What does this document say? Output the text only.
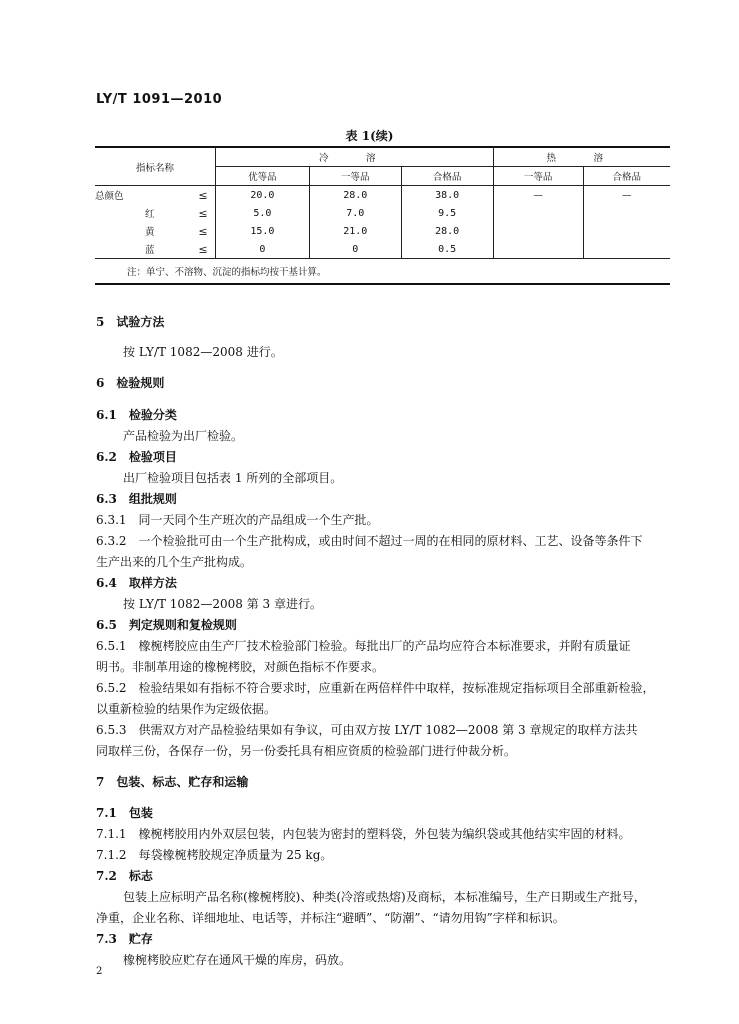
LY/T 1091—2010
表 1(续)
指标名称		冷　溶			热　溶	
		优等品	一等品	合格品	一等品	合格品
总颜色	≤	20.0	28.0	38.0	—	—
红	≤	5.0	7.0	9.5		
黄	≤	15.0	21.0	28.0		
蓝	≤	0	0	0.5		
注：单宁、不溶物、沉淀的指标均按干基计算。						
5　试验方法
按 LY/T 1082—2008 进行。
6　检验规则
6.1　检验分类
产品检验为出厂检验。
6.2　检验项目
出厂检验项目包括表 1 所列的全部项目。
6.3　组批规则
6.3.1　同一天同个生产班次的产品组成一个生产批。
6.3.2　一个检验批可由一个生产批构成，或由时间不超过一周的在相同的原材料、工艺、设备等条件下
生产出来的几个生产批构成。
6.4　取样方法
按 LY/T 1082—2008 第 3 章进行。
6.5　判定规则和复检规则
6.5.1　橡椀栲胶应由生产厂技术检验部门检验。每批出厂的产品均应符合本标准要求，并附有质量证
明书。非制革用途的橡椀栲胶，对颜色指标不作要求。
6.5.2　检验结果如有指标不符合要求时，应重新在两倍样件中取样，按标准规定指标项目全部重新检验，
以重新检验的结果作为定级依据。
6.5.3　供需双方对产品检验结果如有争议，可由双方按 LY/T 1082—2008 第 3 章规定的取样方法共
同取样三份，各保存一份，另一份委托具有相应资质的检验部门进行仲裁分析。
7　包装、标志、贮存和运输
7.1　包装
7.1.1　橡椀栲胶用内外双层包装，内包装为密封的塑料袋，外包装为编织袋或其他结实牢固的材料。
7.1.2　每袋橡椀栲胶规定净质量为 25 kg。
7.2　标志
包装上应标明产品名称(橡椀栲胶)、种类(冷溶或热熔)及商标，本标准编号，生产日期或生产批号，
净重，企业名称、详细地址、电话等，并标注“避晒”、“防潮”、“请勿用钩”字样和标识。
7.3　贮存
橡椀栲胶应贮存在通风干燥的库房，码放。
2
